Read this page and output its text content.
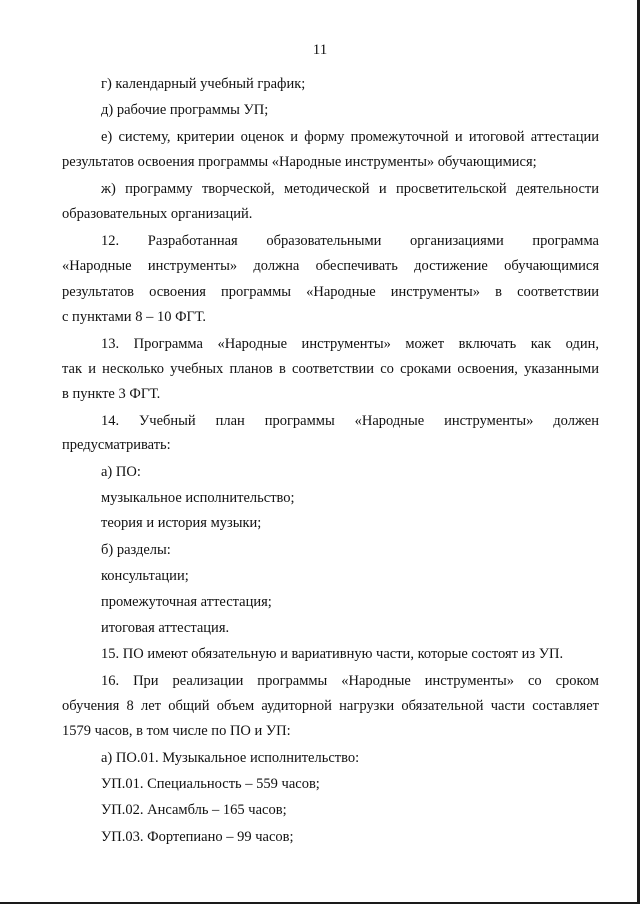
11
г) календарный учебный график;
д) рабочие программы УП;
е) систему, критерии оценок и форму промежуточной и итоговой аттестации
результатов освоения программы «Народные инструменты» обучающимися;
ж) программу творческой, методической и просветительской деятельности
образовательных организаций.
12. Разработанная образовательными организациями программа
«Народные инструменты» должна обеспечивать достижение обучающимися
результатов освоения программы «Народные инструменты» в соответствии
с пунктами 8 – 10 ФГТ.
13. Программа «Народные инструменты» может включать как один,
так и несколько учебных планов в соответствии со сроками освоения, указанными
в пункте 3 ФГТ.
14. Учебный план программы «Народные инструменты» должен
предусматривать:
а) ПО:
музыкальное исполнительство;
теория и история музыки;
б) разделы:
консультации;
промежуточная аттестация;
итоговая аттестация.
15. ПО имеют обязательную и вариативную части, которые состоят из УП.
16. При реализации программы «Народные инструменты» со сроком
обучения 8 лет общий объем аудиторной нагрузки обязательной части составляет
1579 часов, в том числе по ПО и УП:
а) ПО.01. Музыкальное исполнительство:
УП.01. Специальность – 559 часов;
УП.02. Ансамбль – 165 часов;
УП.03. Фортепиано – 99 часов;
